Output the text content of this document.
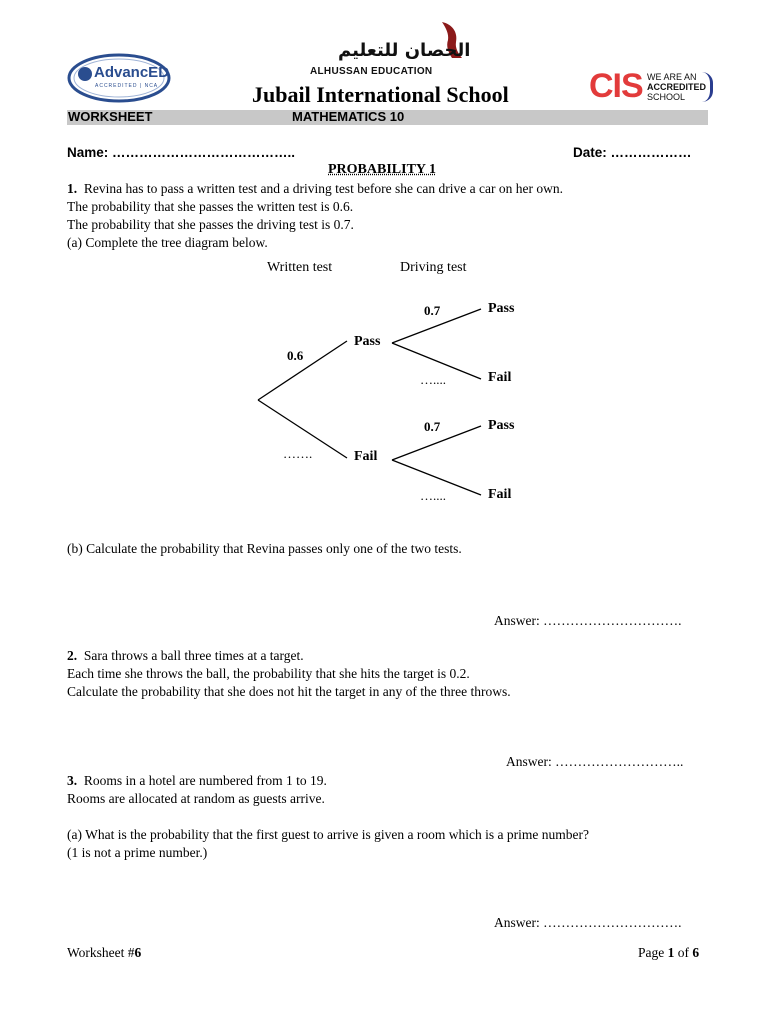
AdvancED
ACCREDITED | NCA
الحصان للتعليم
ALHUSSAN EDUCATION
Jubail International School CIS WE ARE AN
ACCREDITED
SCHOOL
WORKSHEET	MATHEMATICS 10
Name: …………………………………..	Date: ………………
PROBABILITY 1
1. Revina has to pass a written test and a driving test before she can drive a car on her own.
The probability that she passes the written test is 0.6.
The probability that she passes the driving test is 0.7.
(a) Complete the tree diagram below.
Written test	Driving test
0.6
…….
Pass
Fail
0.7
…....
0.7
…....
Pass
Fail
Pass
Fail
(b) Calculate the probability that Revina passes only one of the two tests.
Answer: ………………………….
2. Sara throws a ball three times at a target.
Each time she throws the ball, the probability that she hits the target is 0.2.
Calculate the probability that she does not hit the target in any of the three throws.
Answer: ………………………..
3. Rooms in a hotel are numbered from 1 to 19.
Rooms are allocated at random as guests arrive.
(a) What is the probability that the first guest to arrive is given a room which is a prime number?
(1 is not a prime number.)
Answer: ………………………….
Worksheet #6	Page 1 of 6
